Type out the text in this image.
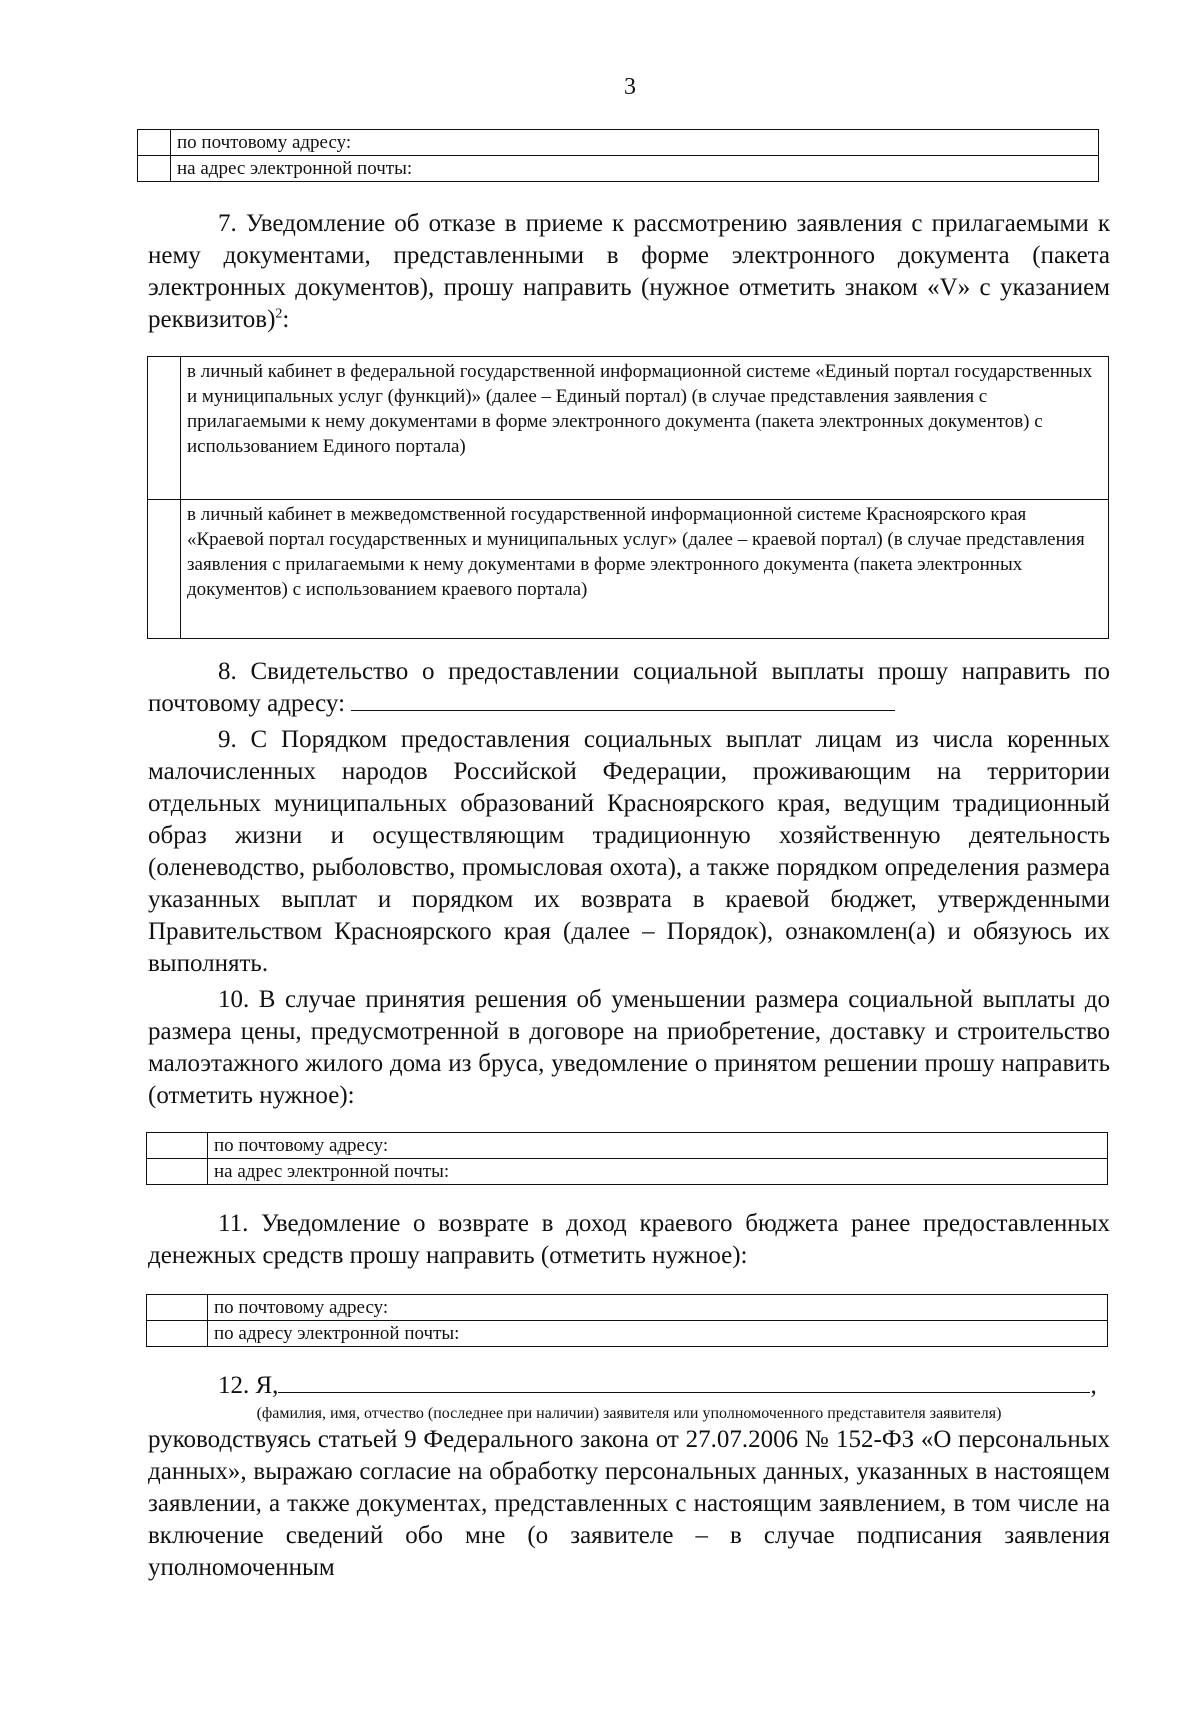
3
	по почтовому адресу:
	на адрес электронной почты:
7. Уведомление об отказе в приеме к рассмотрению заявления с прилагаемыми к нему документами, представленными в форме электронного документа (пакета электронных документов), прошу направить (нужное отметить знаком «V» с указанием реквизитов)$^2$:
	в личный кабинет в федеральной государственной информационной системе «Единый портал государственных и муниципальных услуг (функций)» (далее – Единый портал) (в случае представления заявления с прилагаемыми к нему документами в форме электронного документа (пакета электронных документов) с использованием Единого портала)
	в личный кабинет в межведомственной государственной информационной системе Красноярского края «Краевой портал государственных и муниципальных услуг» (далее – краевой портал) (в случае представления заявления с прилагаемыми к нему документами в форме электронного документа (пакета электронных документов) с использованием краевого портала)
8. Свидетельство о предоставлении социальной выплаты прошу направить по почтовому адресу:
9. С Порядком предоставления социальных выплат лицам из числа коренных малочисленных народов Российской Федерации, проживающим на территории отдельных муниципальных образований Красноярского края, ведущим традиционный образ жизни и осуществляющим традиционную хозяйственную деятельность (оленеводство, рыболовство, промысловая охота), а также порядком определения размера указанных выплат и порядком их возврата в краевой бюджет, утвержденными Правительством Красноярского края (далее – Порядок), ознакомлен(а) и обязуюсь их выполнять.
10. В случае принятия решения об уменьшении размера социальной выплаты до размера цены, предусмотренной в договоре на приобретение, доставку и строительство малоэтажного жилого дома из бруса, уведомление о принятом решении прошу направить (отметить нужное):
	по почтовому адресу:
	на адрес электронной почты:
11. Уведомление о возврате в доход краевого бюджета ранее предоставленных денежных средств прошу направить (отметить нужное):
	по почтовому адресу:
	по адресу электронной почты:
12. Я,	,
(фамилия, имя, отчество (последнее при наличии) заявителя или уполномоченного представителя заявителя)
руководствуясь статьей 9 Федерального закона от 27.07.2006 № 152-ФЗ «О персональных данных», выражаю согласие на обработку персональных данных, указанных в настоящем заявлении, а также документах, представленных с настоящим заявлением, в том числе на включение сведений обо мне (о заявителе – в случае подписания заявления уполномоченным
